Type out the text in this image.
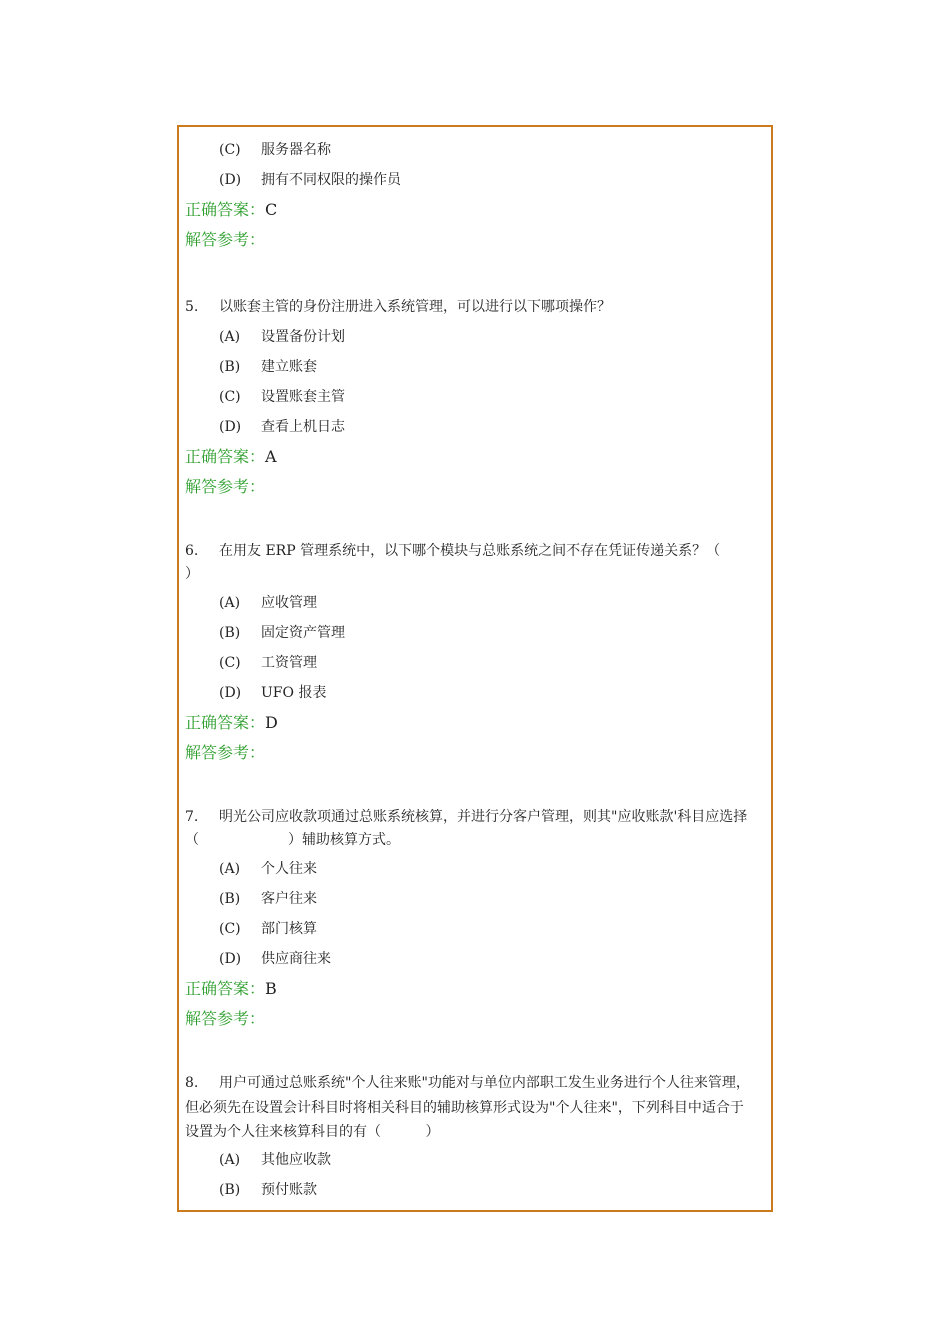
(C) 服务器名称
(D) 拥有不同权限的操作员
正确答案：C
解答参考：
5. 以账套主管的身份注册进入系统管理，可以进行以下哪项操作？
(A) 设置备份计划
(B) 建立账套
(C) 设置账套主管
(D) 查看上机日志
正确答案：A
解答参考：
6. 在用友 ERP 管理系统中，以下哪个模块与总账系统之间不存在凭证传递关系？（
）
(A) 应收管理
(B) 固定资产管理
(C) 工资管理
(D) UFO 报表
正确答案：D
解答参考：
7. 明光公司应收款项通过总账系统核算，并进行分客户管理，则其"应收账款'科目应选择
（                    ）辅助核算方式。
(A) 个人往来
(B) 客户往来
(C) 部门核算
(D) 供应商往来
正确答案：B
解答参考：
8. 用户可通过总账系统"个人往来账"功能对与单位内部职工发生业务进行个人往来管理，
但必须先在设置会计科目时将相关科目的辅助核算形式设为"个人往来"，下列科目中适合于
设置为个人往来核算科目的有（          ）
(A) 其他应收款
(B) 预付账款
